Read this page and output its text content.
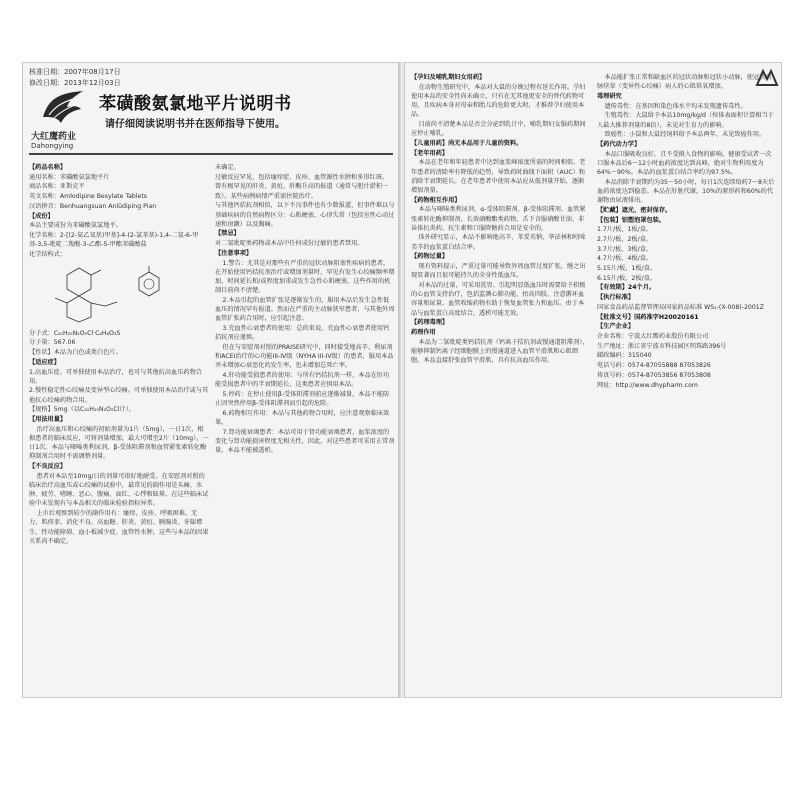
核准日期：2007年08月17日
修改日期：2013年12月03日
大红鹰药业
Dahongying
苯磺酸氨氯地平片说明书
请仔细阅读说明书并在医师指导下使用。

【药品名称】

通用名称：苯磺酸氨氯地平片

商品名称：亚斯克平

英文名称：Amlodipine Besylate Tablets

汉语拼音：Benhuangsuan Anlüdiping Pian

【成份】

本品主要成份为苯磺酸氨氯地平。

化学名称：2-[(2-氨乙氧基)甲基]-4-(2-氯苯基)-1,4-二氢-6-甲基-3,5-吡啶二羧酸-3-乙酯-5-甲酯苯磺酸盐

化学结构式：

分子式：C₂₀H₂₅N₂O₅Cl·C₆H₆O₃S

分子量：567.06

【性状】本品为白色或类白色片。

【适应症】

1.高血压症。可单独使用本品治疗，也可与其他抗高血压药物合用。

2.慢性稳定性心绞痛及变异型心绞痛。可单独使用本品治疗或与其他抗心绞痛药物合用。

【规格】5mg（以C₂₀H₂₅N₂O₅Cl计）。

【用法用量】

治疗高血压和心绞痛的初始剂量为1片（5mg），一日1次，根据患者的临床反应，可将剂量增加，最大可增至2片（10mg），一日1次。本品与噻嗪类利尿剂、β-受体阻滞剂和血管紧张素转化酶抑制剂合用时不需调整剂量。

【不良反应】

患者对本品至10mg/日的剂量可很好地耐受。在安慰剂对照的临床治疗高血压或心绞痛的试验中，最常见的副作用是头痛、水肿、疲劳、嗜睡、恶心、腹痛、面红、心悸和眩晕。在这些临床试验中未发现有与本品相关的临床检验指标异常。

上市后观察到较少的副作用有：瘙痒、皮疹、呼吸困难、无力、肌痉挛、消化不良、高血糖、肝炎、黄疸、胰腺炎、牙龈增生、性功能障碍、血小板减少症、血管性水肿，这些与本品的因果关系尚不确定。

未确定。

过敏反应罕见，包括瘙痒症、皮疹、血管源性水肿和多形红斑。

曾有极罕见的肝炎、黄疸、肝酶升高的报道（通常与胆汁淤积一致）。某些病例病情严重需住院治疗。

与其他钙拮抗剂相似，以下不良事件也有少数报道，但事件难以与基础疾病的自然病程区分：心肌梗塞、心律失常（包括室性心动过速和房颤）以及胸痛。

【禁忌】

对二氢吡啶类药物或本品中任何成份过敏的患者禁用。

【注意事项】

1.警告：尤其是对那些有严重的冠状动脉阻塞性疾病的患者，在开始使用钙拮抗剂治疗或增加剂量时，罕见有发生心绞痛频率增加、时间延长和/或程度加重或发生急性心肌梗塞。这些作用的机制目前尚不清楚。

2.本品引起的血管扩张是逐渐发生的，服用本品后发生急性低血压的情况罕有报道。然而在严重的主动脉狭窄患者，与其他外周血管扩张药合用时，应引起注意。

3.充血性心衰患者的使用：总的来说，充血性心衰患者使用钙拮抗剂应谨慎。

但在与安慰剂对照的PRAISE研究中，同时接受地高辛、利尿剂和ACEI治疗的心功能III-IV级（NYHA III-IV级）的患者，服用本品并未增加心衰恶化的发生率，也未增加总死亡率。

4.肝功能受损患者的使用：与所有钙拮抗剂一样，本品在肝功能受损患者中的半衰期延长，这类患者应慎用本品。

5.停药：在停止使用β-受体阻滞剂前应逐渐减量，本品不能防止因突然停用β-受体阻滞剂而引起的危险。

6.药物相互作用：本品与其他药物合用时，应注意观察临床效果。

7.肾功能衰竭患者：本品可用于肾功能衰竭患者，血浆浓度的变化与肾功能损害程度无相关性，因此，对这些患者可采用正常剂量。本品不能被透析。

【孕妇及哺乳期妇女用药】

在动物生殖研究中，本品对大鼠的分娩过程有延长作用。孕妇使用本品的安全性尚未确立，只有在无其他更安全的替代药物可用，且疾病本身对母亲和胎儿的危险更大时，才推荐孕妇使用本品。

目前尚不清楚本品是否会分泌到乳汁中，哺乳期妇女服药期间应停止哺乳。

【儿童用药】尚无本品用于儿童的资料。

【老年用药】

本品在老年和年轻患者中达到血浆峰浓度所需的时间相似。老年患者的清除率有降低的趋势，导致药时曲线下面积（AUC）和消除半衰期延长。在老年患者中使用本品应从低剂量开始，逐渐增加剂量。

【药物相互作用】

本品与噻嗪类利尿剂、α-受体阻滞剂、β-受体阻滞剂、血管紧张素转化酶抑制剂、长效硝酸酯类药物、舌下含服硝酸甘油、非甾体抗炎药、抗生素和口服降糖药合用是安全的。

体外研究显示，本品不影响地高辛、苯妥英钠、华法林和吲哚美辛的血浆蛋白结合率。

【药物过量】

现有资料提示，严重过量可能导致外周血管过度扩张，继之出现显著而且很可能持久的全身性低血压。

对本品的过量，可采用洗胃、引起明显低血压时需要给予积极的心血管支持治疗，包括监测心肺功能、抬高四肢、注意循环血容量和尿量。血管收缩药物有助于恢复血管张力和血压。由于本品与血浆蛋白高度结合，透析可能无效。

【药理毒理】

药理作用

本品为二氢吡啶类钙拮抗剂（钙离子拮抗剂或慢通道阻滞剂），能够抑制钙离子经细胞膜上的慢通道进入血管平滑肌和心肌细胞。本品直接舒张血管平滑肌，具有抗高血压作用。

本品能扩张正常和缺血区的冠状动脉和冠状小动脉，使冠状动脉痉挛（变异性心绞痛）病人的心肌供氧增加。

毒理研究

遗传毒性：在基因和染色体水平均未发现遗传毒性。

生殖毒性：大鼠给予本品10mg/kg/d（按体表面积计算相当于人最大推荐剂量的8倍），未见对生育力的影响。

致癌性：小鼠和大鼠经饲料给予本品两年，未见致癌作用。

【药代动力学】

本品口服吸收良好，且不受摄入食物的影响。健康受试者一次口服本品后6～12小时血药浓度达到高峰，绝对生物利用度为64%～90%。本品的血浆蛋白结合率约为97.5%。

本品消除半衰期约为35～50小时，每日1次连续给药7～8天后血药浓度达到稳态。本品在肝脏代谢，10%的原形药和60%的代谢物由尿液排出。

【贮藏】遮光，密封保存。

【包装】铝塑泡罩包装。

1.7片/板，1板/盒。

2.7片/板，2板/盒。

3.7片/板，3板/盒。

4.7片/板，4板/盒。

5.15片/板，1板/盒。

6.15片/板，2板/盒。

【有效期】24个月。

【执行标准】

国家食品药品监督管理局国家药品标准 WS₁-(X-008)-2001Z

【批准文号】国药准字H20020161

【生产企业】

企业名称：宁波大红鹰药业股份有限公司

生产地址：浙江省宁波市科技园区明珠路396号

邮政编码：315040

电话号码：0574-87055888 87053826

传真号码：0574-87053856 87053808

网址：http://www.dhypharm.com
